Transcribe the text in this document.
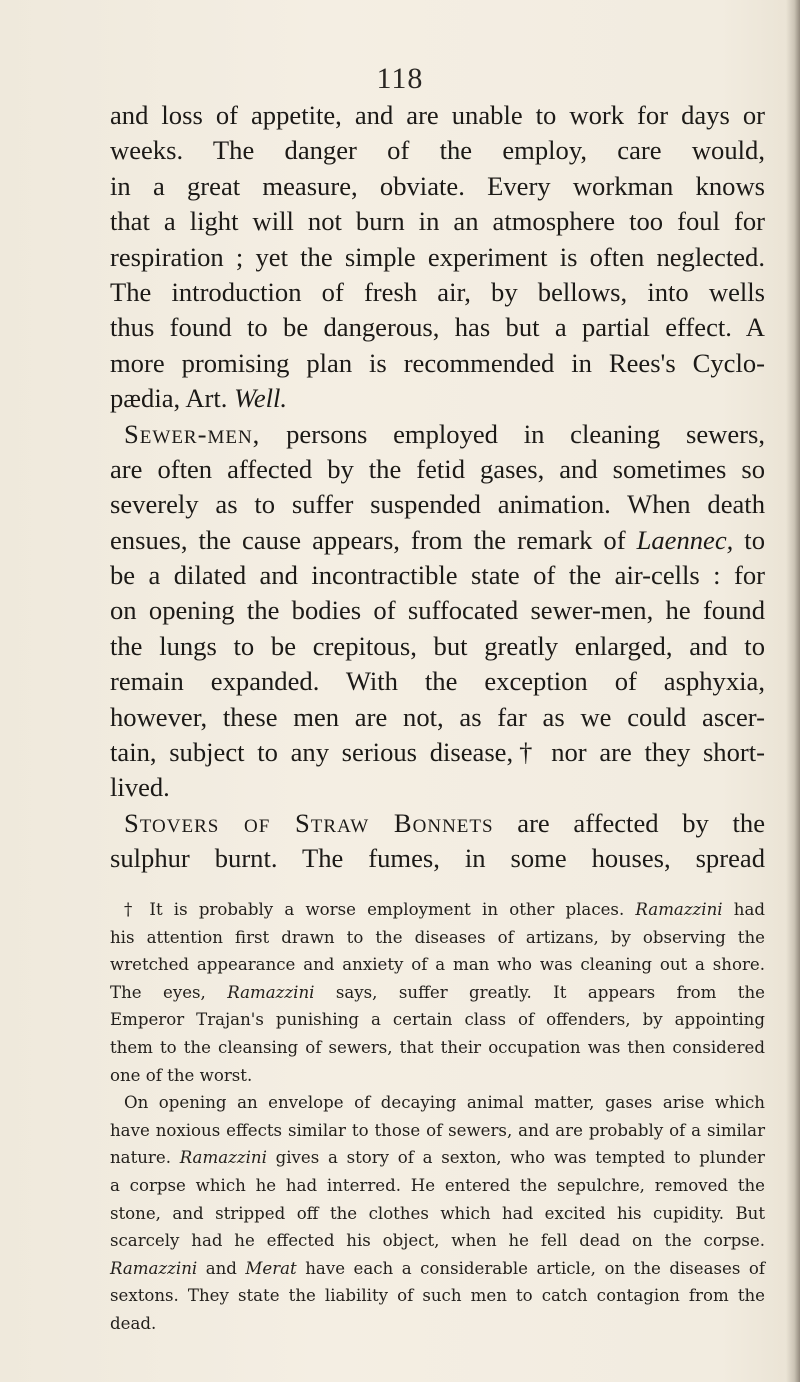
118
and loss of appetite, and are unable to work for days or
weeks. The danger of the employ, care would,
in a great measure, obviate. Every workman knows
that a light will not burn in an atmosphere too foul for
respiration ; yet the simple experiment is often neglected.
The introduction of fresh air, by bellows, into wells
thus found to be dangerous, has but a partial effect. A
more promising plan is recommended in Rees's Cyclo-
pædia, Art. Well.
Sewer-men, persons employed in cleaning sewers,
are often affected by the fetid gases, and sometimes so
severely as to suffer suspended animation. When death
ensues, the cause appears, from the remark of Laennec, to
be a dilated and incontractible state of the air-cells : for
on opening the bodies of suffocated sewer-men, he found
the lungs to be crepitous, but greatly enlarged, and to
remain expanded. With the exception of asphyxia,
however, these men are not, as far as we could ascer-
tain, subject to any serious disease,† nor are they short-
lived.
Stovers of Straw Bonnets are affected by the
sulphur burnt. The fumes, in some houses, spread
† It is probably a worse employment in other places. Ramazzini had
his attention first drawn to the diseases of artizans, by observing the
wretched appearance and anxiety of a man who was cleaning out a shore.
The eyes, Ramazzini says, suffer greatly. It appears from the
Emperor Trajan's punishing a certain class of offenders, by appointing
them to the cleansing of sewers, that their occupation was then considered
one of the worst.
On opening an envelope of decaying animal matter, gases arise which
have noxious effects similar to those of sewers, and are probably of a similar
nature. Ramazzini gives a story of a sexton, who was tempted to plunder
a corpse which he had interred. He entered the sepulchre, removed the
stone, and stripped off the clothes which had excited his cupidity. But
scarcely had he effected his object, when he fell dead on the corpse.
Ramazzini and Merat have each a considerable article, on the diseases of
sextons. They state the liability of such men to catch contagion from the
dead.
